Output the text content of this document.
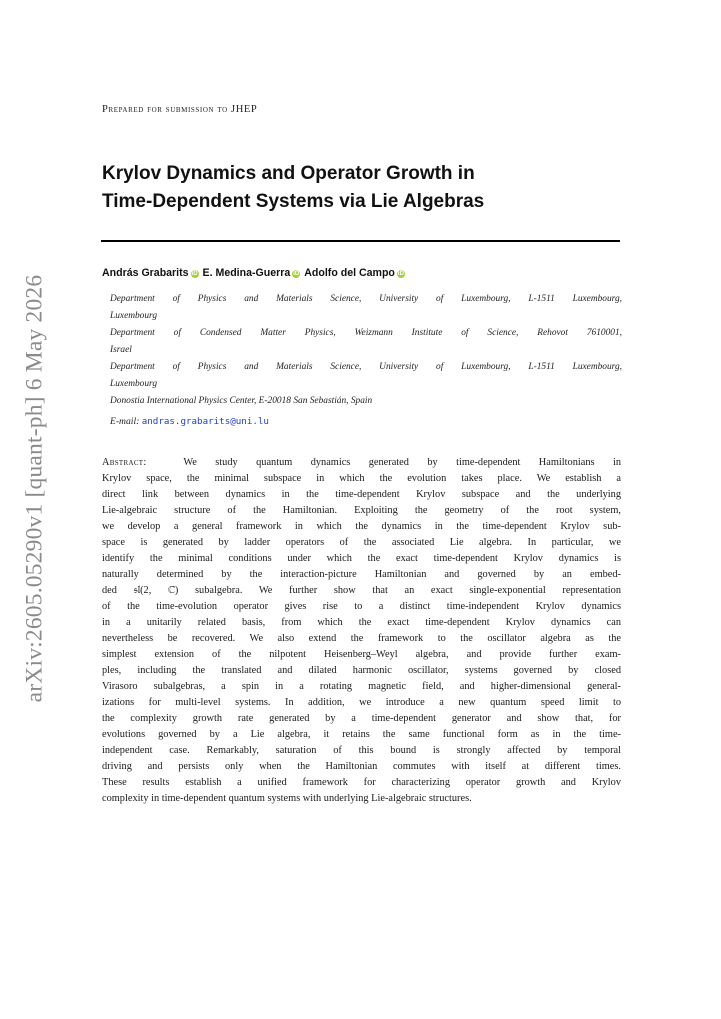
arXiv:2605.05290v1 [quant-ph] 6 May 2026
Prepared for submission to JHEP
Krylov Dynamics and Operator Growth in
Time-Dependent Systems via Lie Algebras
András Grabarits iD E. Medina-Guerra iD Adolfo del Campo iD
Department of Physics and Materials Science, University of Luxembourg, L-1511 Luxembourg,
Luxembourg
Department of Condensed Matter Physics, Weizmann Institute of Science, Rehovot 7610001,
Israel
Department of Physics and Materials Science, University of Luxembourg, L-1511 Luxembourg,
Luxembourg
Donostia International Physics Center, E-20018 San Sebastián, Spain
E-mail: andras.grabarits@uni.lu
Abstract:	We study quantum dynamics generated by time-dependent Hamiltonians in
Krylov space, the minimal subspace in which the evolution takes place. We establish a
direct link between dynamics in the time-dependent Krylov subspace and the underlying
Lie-algebraic structure of the Hamiltonian. Exploiting the geometry of the root system,
we develop a general framework in which the dynamics in the time-dependent Krylov sub-
space is generated by ladder operators of the associated Lie algebra. In particular, we
identify the minimal conditions under which the exact time-dependent Krylov dynamics is
naturally determined by the interaction-picture Hamiltonian and governed by an embed-
ded 𝔰𝔩(2, ℂ) subalgebra. We further show that an exact single-exponential representation
of the time-evolution operator gives rise to a distinct time-independent Krylov dynamics
in a unitarily related basis, from which the exact time-dependent Krylov dynamics can
nevertheless be recovered. We also extend the framework to the oscillator algebra as the
simplest extension of the nilpotent Heisenberg–Weyl algebra, and provide further exam-
ples, including the translated and dilated harmonic oscillator, systems governed by closed
Virasoro subalgebras, a spin in a rotating magnetic field, and higher-dimensional general-
izations for multi-level systems. In addition, we introduce a new quantum speed limit to
the complexity growth rate generated by a time-dependent generator and show that, for
evolutions governed by a Lie algebra, it retains the same functional form as in the time-
independent case. Remarkably, saturation of this bound is strongly affected by temporal
driving and persists only when the Hamiltonian commutes with itself at different times.
These results establish a unified framework for characterizing operator growth and Krylov
complexity in time-dependent quantum systems with underlying Lie-algebraic structures.
